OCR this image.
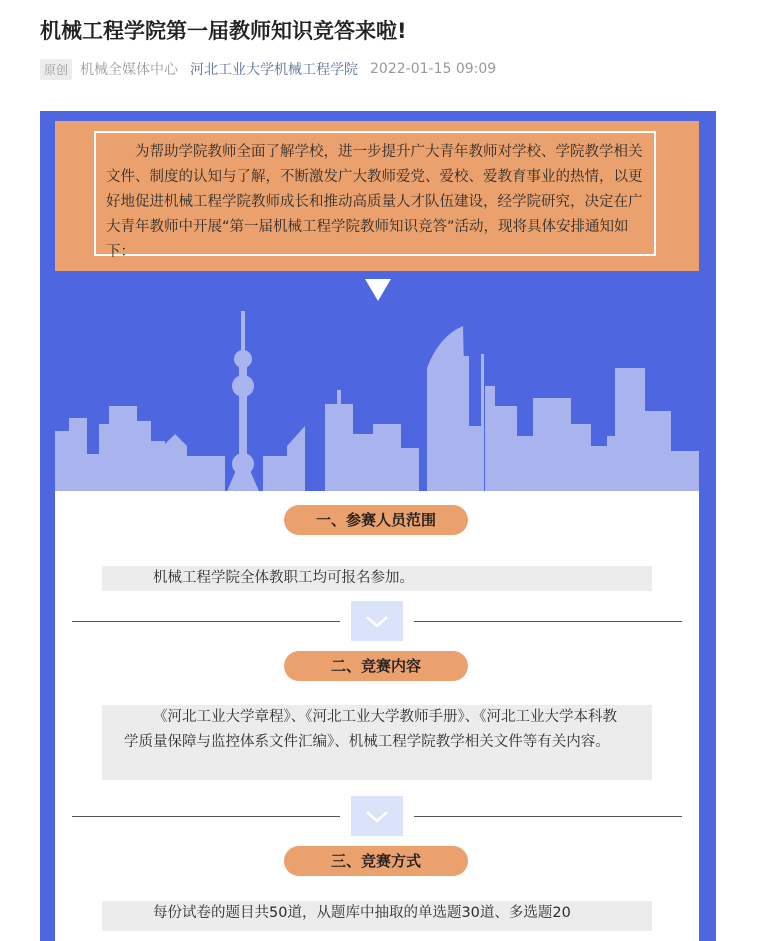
机械工程学院第一届教师知识竞答来啦!
原创 机械全媒体中心 河北工业大学机械工程学院 2022-01-15 09:09

为帮助学院教师全面了解学校，进一步提升广大青年教师对学校、学院教学相关文件、制度的认知与了解，不断激发广大教师爱党、爱校、爱教育事业的热情，以更好地促进机械工程学院教师成长和推动高质量人才队伍建设，经学院研究，决定在广大青年教师中开展“第一届机械工程学院教师知识竞答”活动，现将具体安排通知如下：

一、参赛人员范围

机械工程学院全体教职工均可报名参加。

二、竞赛内容

《河北工业大学章程》、《河北工业大学教师手册》、《河北工业大学本科教学质量保障与监控体系文件汇编》、机械工程学院教学相关文件等有关内容。

三、竞赛方式

每份试卷的题目共50道，从题库中抽取的单选题30道、多选题20
